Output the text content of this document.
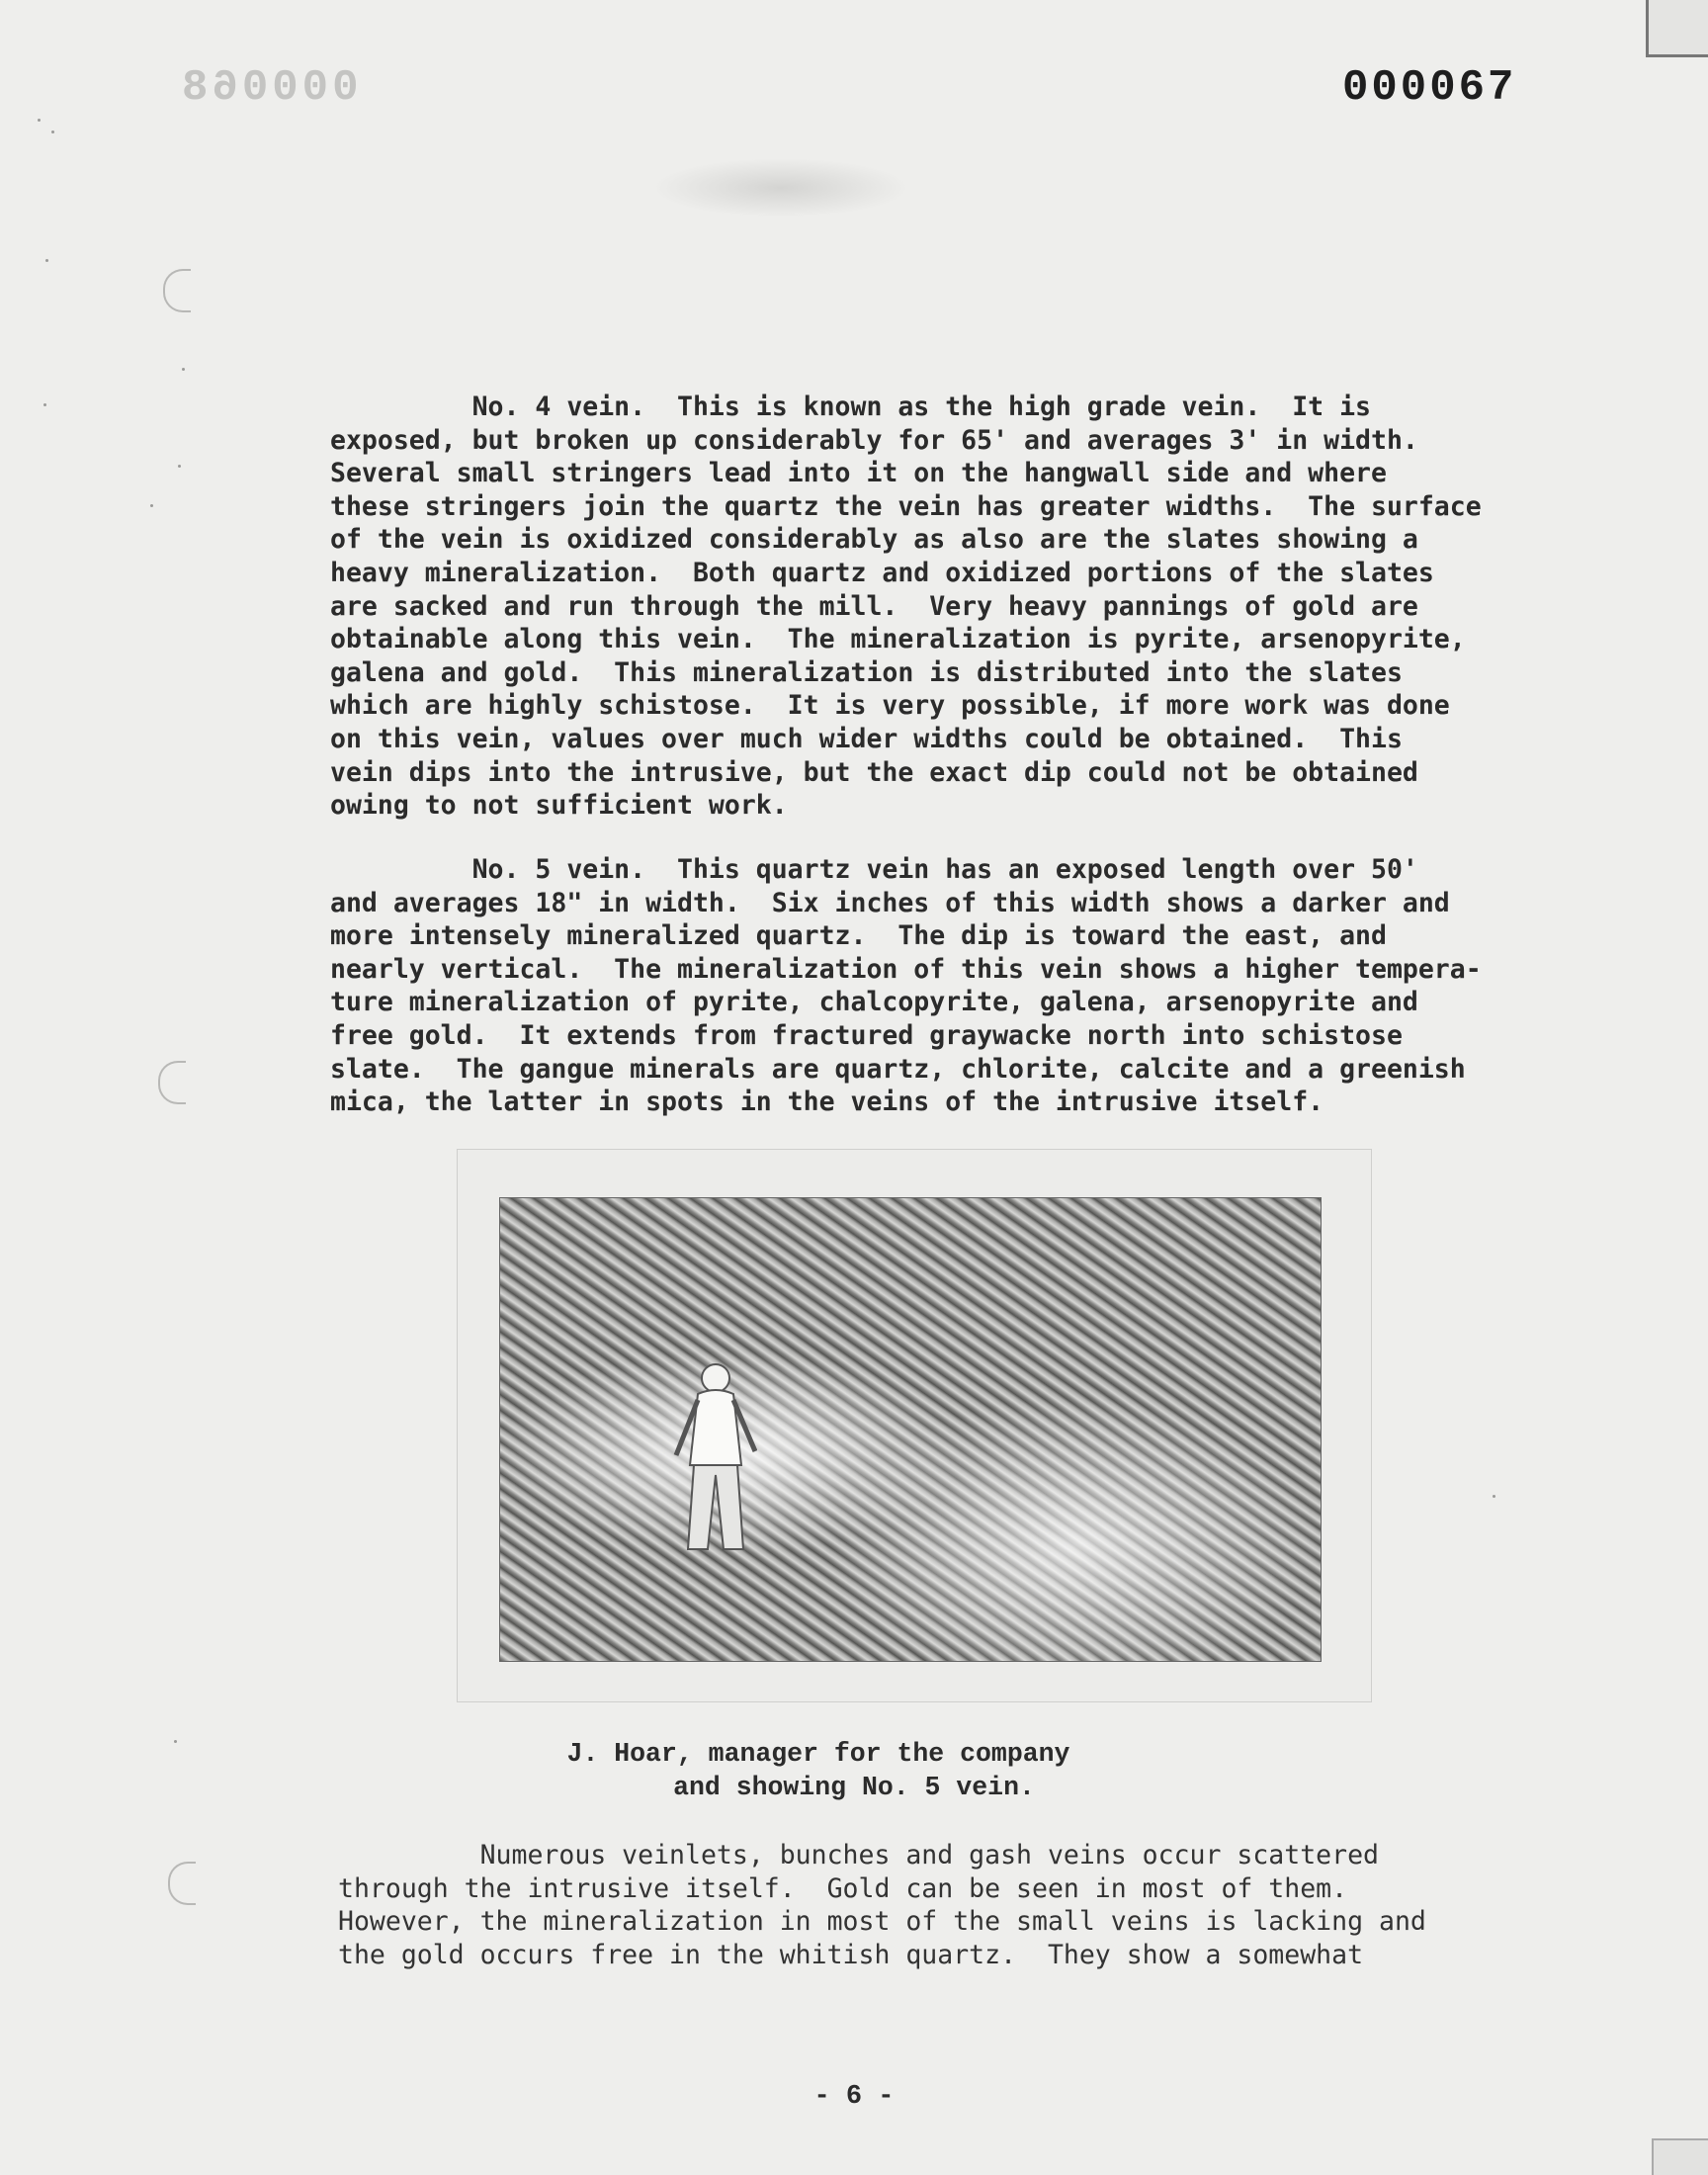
000068	000067
No. 4 vein.  This is known as the high grade vein.  It is
exposed, but broken up considerably for 65' and averages 3' in width.
Several small stringers lead into it on the hangwall side and where
these stringers join the quartz the vein has greater widths.  The surface
of the vein is oxidized considerably as also are the slates showing a
heavy mineralization.  Both quartz and oxidized portions of the slates
are sacked and run through the mill.  Very heavy pannings of gold are
obtainable along this vein.  The mineralization is pyrite, arsenopyrite,
galena and gold.  This mineralization is distributed into the slates
which are highly schistose.  It is very possible, if more work was done
on this vein, values over much wider widths could be obtained.  This
vein dips into the intrusive, but the exact dip could not be obtained
owing to not sufficient work.
No. 5 vein.  This quartz vein has an exposed length over 50'
and averages 18" in width.  Six inches of this width shows a darker and
more intensely mineralized quartz.  The dip is toward the east, and
nearly vertical.  The mineralization of this vein shows a higher tempera-
ture mineralization of pyrite, chalcopyrite, galena, arsenopyrite and
free gold.  It extends from fractured graywacke north into schistose
slate.  The gangue minerals are quartz, chlorite, calcite and a greenish
mica, the latter in spots in the veins of the intrusive itself.
J. Hoar, manager for the company
and showing No. 5 vein.
Numerous veinlets, bunches and gash veins occur scattered
through the intrusive itself.  Gold can be seen in most of them.
However, the mineralization in most of the small veins is lacking and
the gold occurs free in the whitish quartz.  They show a somewhat
- 6 -
